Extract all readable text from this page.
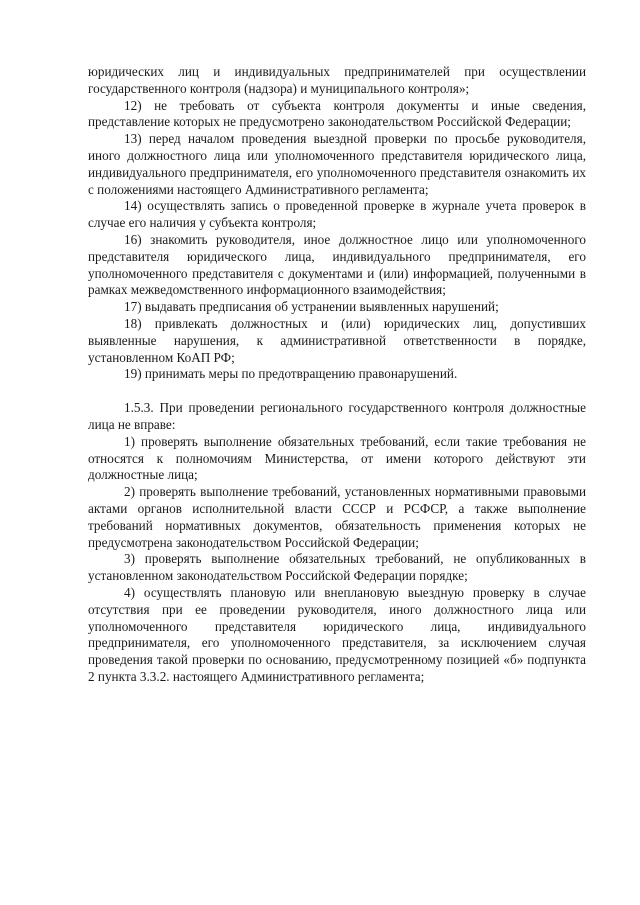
юридических лиц и индивидуальных предпринимателей при осуществлении государственного контроля (надзора) и муниципального контроля»;

12) не требовать от субъекта контроля документы и иные сведения, представление которых не предусмотрено законодательством Российской Федерации;

13) перед началом проведения выездной проверки по просьбе руководителя, иного должностного лица или уполномоченного представителя юридического лица, индивидуального предпринимателя, его уполномоченного представителя ознакомить их с положениями настоящего Административного регламента;

14) осуществлять запись о проведенной проверке в журнале учета проверок в случае его наличия у субъекта контроля;

16) знакомить руководителя, иное должностное лицо или уполномоченного представителя юридического лица, индивидуального предпринимателя, его уполномоченного представителя с документами и (или) информацией, полученными в рамках межведомственного информационного взаимодействия;

17) выдавать предписания об устранении выявленных нарушений;

18) привлекать должностных и (или) юридических лиц, допустивших выявленные нарушения, к административной ответственности в порядке, установленном КоАП РФ;

19) принимать меры по предотвращению правонарушений.

1.5.3. При проведении регионального государственного контроля должностные лица не вправе:

1) проверять выполнение обязательных требований, если такие требования не относятся к полномочиям Министерства, от имени которого действуют эти должностные лица;

2) проверять выполнение требований, установленных нормативными правовыми актами органов исполнительной власти СССР и РСФСР, а также выполнение требований нормативных документов, обязательность применения которых не предусмотрена законодательством Российской Федерации;

3) проверять выполнение обязательных требований, не опубликованных в установленном законодательством Российской Федерации порядке;

4) осуществлять плановую или внеплановую выездную проверку в случае отсутствия при ее проведении руководителя, иного должностного лица или уполномоченного представителя юридического лица, индивидуального предпринимателя, его уполномоченного представителя, за исключением случая проведения такой проверки по основанию, предусмотренному позицией «б» подпункта 2 пункта 3.3.2. настоящего Административного регламента;
